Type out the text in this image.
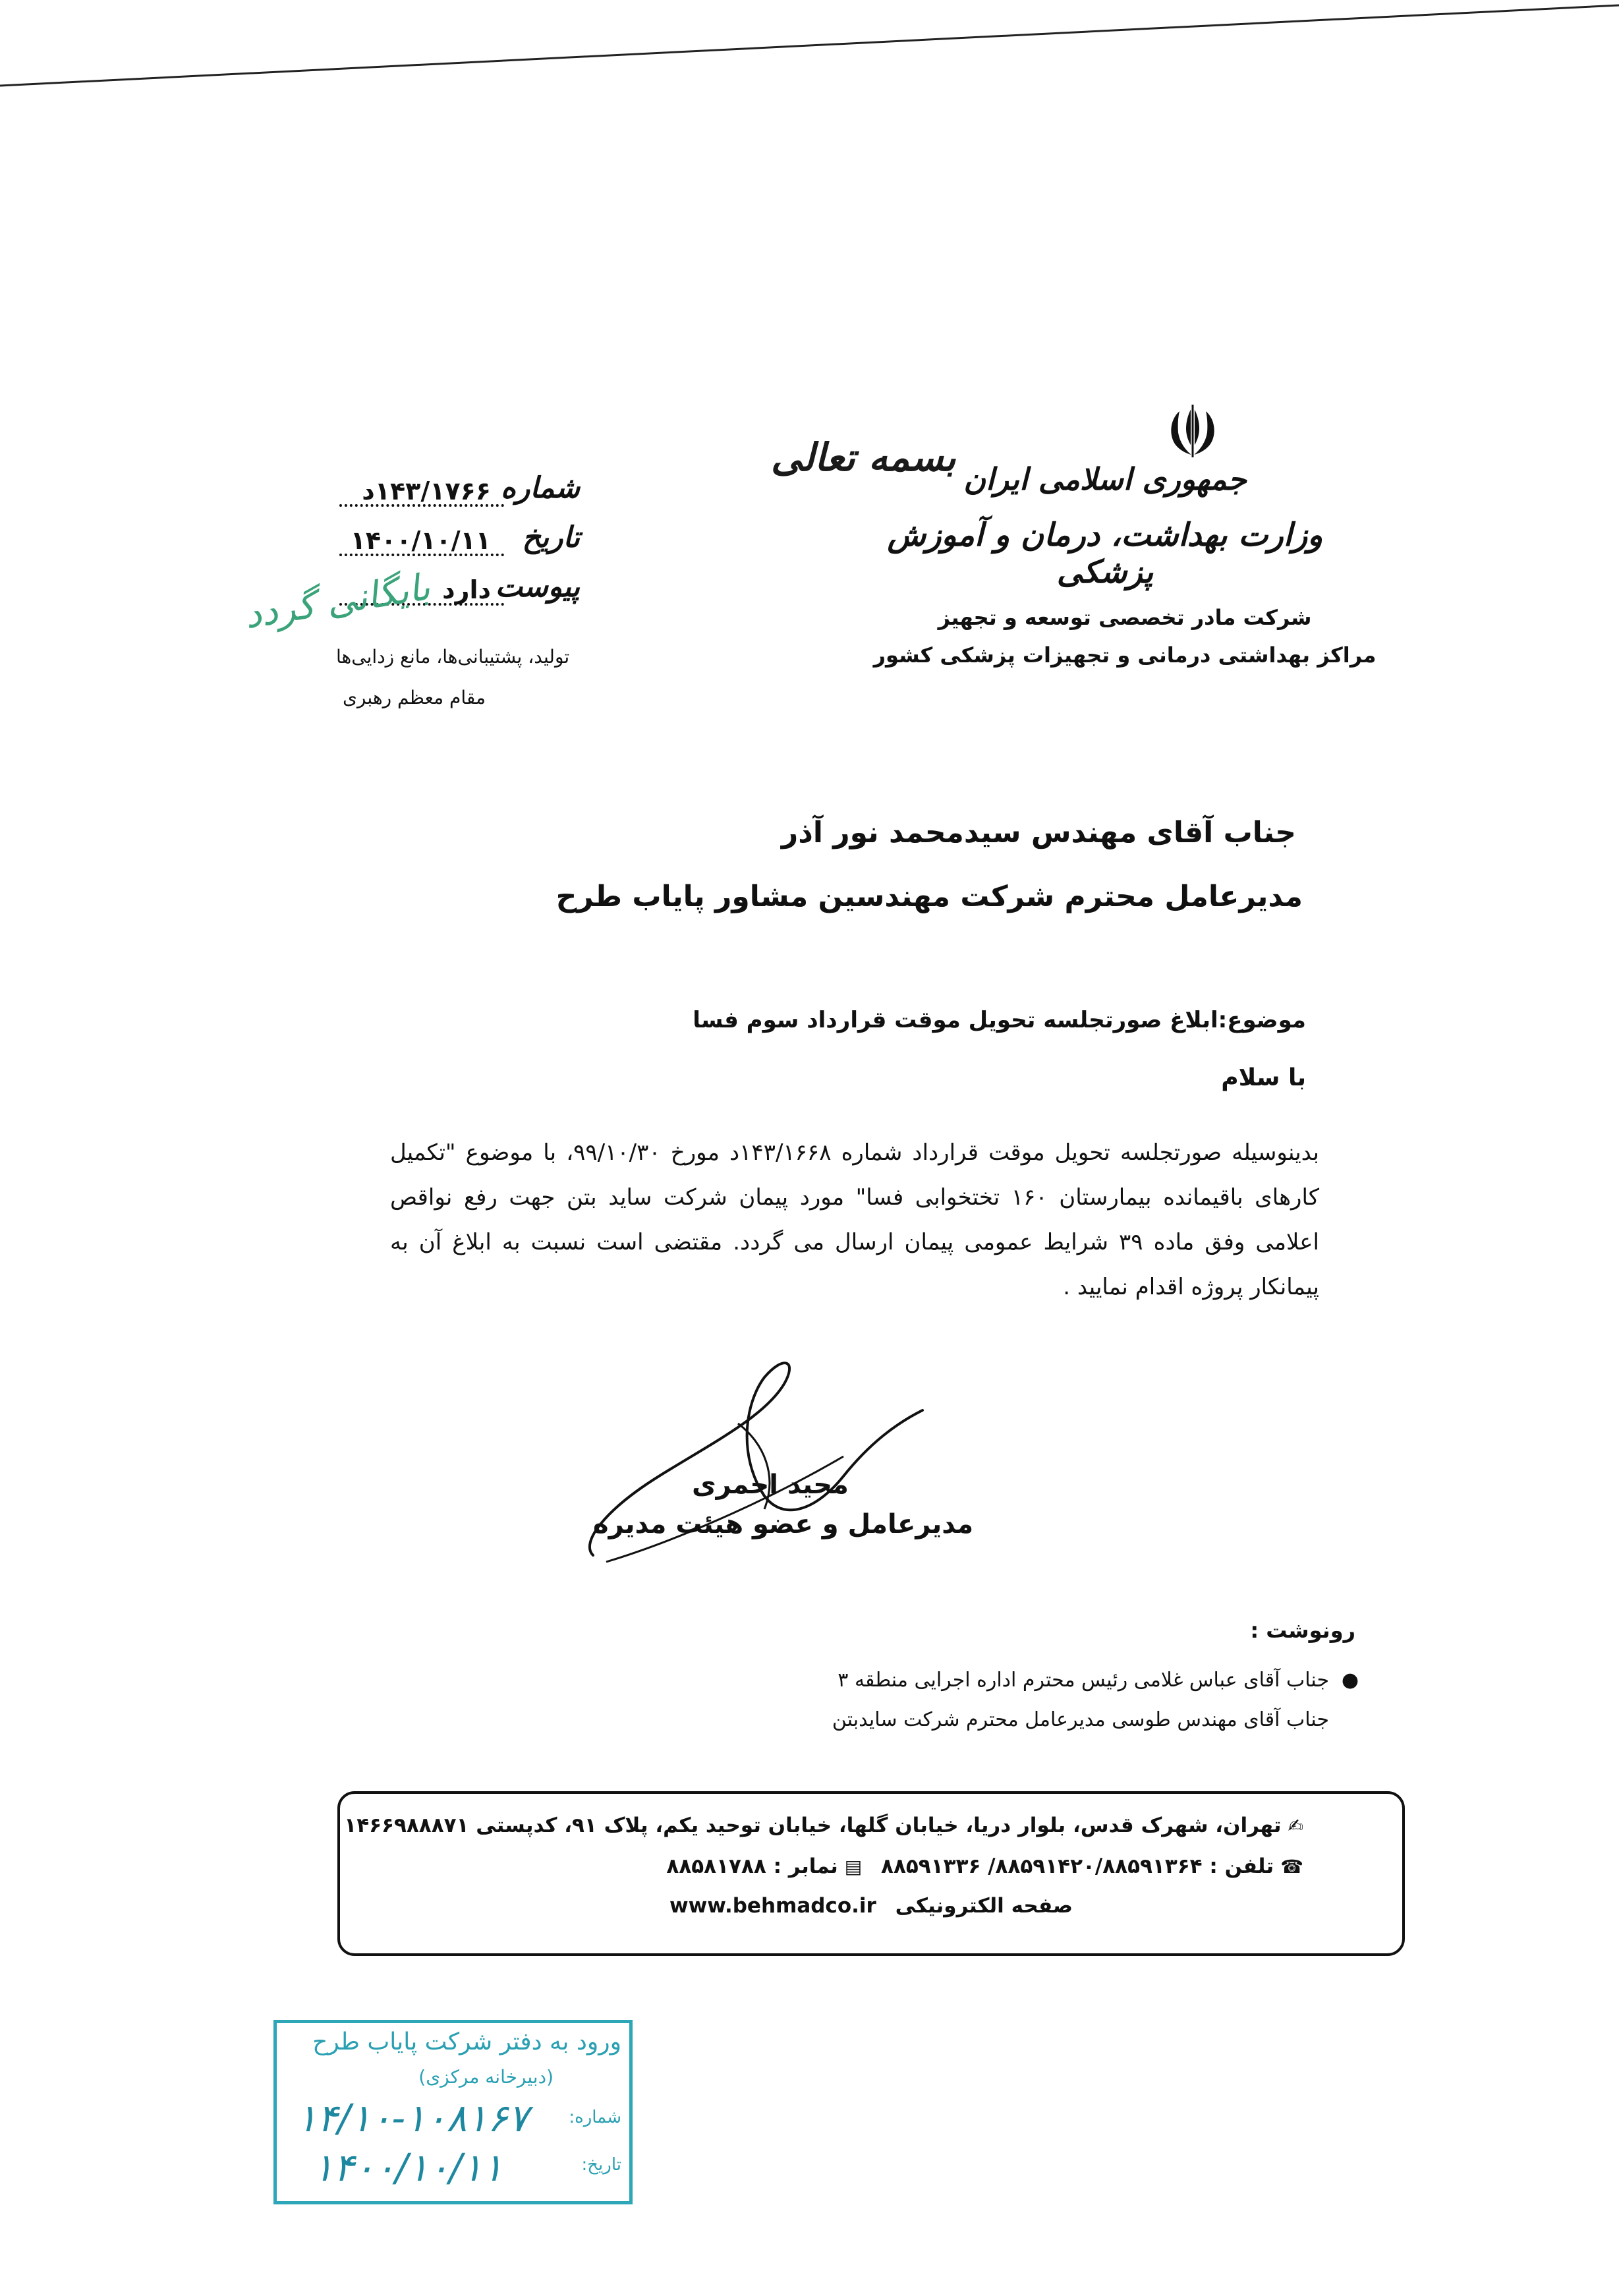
بسمه تعالی جمهوری اسلامی ایران
وزارت بهداشت، درمان و آموزش پزشکی
شرکت مادر تخصصی توسعه و تجهیز
مراکز بهداشتی درمانی و تجهیزات پزشکی کشور
شماره
۱۴۳/۱۷۶۶د
تاریخ
۱۴۰۰/۱۰/۱۱
پیوست
دارد
بایگانی گردد
تولید، پشتیبانی‌ها، مانع زدایی‌ها
مقام معظم رهبری
جناب آقای مهندس سیدمحمد نور آذر
مدیرعامل محترم شرکت مهندسین مشاور پایاب طرح
موضوع:ابلاغ صورتجلسه تحویل موقت قرارداد سوم فسا
با سلام
بدینوسیله صورتجلسه تحویل موقت قرارداد شماره ۱۴۳/۱۶۶۸د مورخ ۹۹/۱۰/۳۰، با موضوع "تکمیل کارهای باقیمانده بیمارستان ۱۶۰ تختخوابی فسا" مورد پیمان شرکت ساید بتن جهت رفع نواقص اعلامی وفق ماده ۳۹ شرایط عمومی پیمان ارسال می گردد. مقتضی است نسبت به ابلاغ آن به پیمانکار پروژه اقدام نمایید .
مجید احمری
مدیرعامل و عضو هیئت مدیره
رونوشت :
●
جناب آقای عباس غلامی رئیس محترم اداره اجرایی منطقه ۳
جناب آقای مهندس طوسی مدیرعامل محترم شرکت سایدبتن
✍تهران، شهرک قدس، بلوار دریا، خیابان گلها، خیابان توحید یکم، پلاک ۹۱، کدپستی ۱۴۶۶۹۸۸۸۷۱
☎تلفن : ۸۸۵۹۱۴۲۰/۸۸۵۹۱۳۶۴/ ۸۸۵۹۱۳۳۶ ▤نمابر : ۸۸۵۸۱۷۸۸
صفحه الکترونیکی www.behmadco.ir
ورود به دفتر شرکت پایاب طرح
(دبیرخانه مرکزی)
شماره:
تاریخ:
۱۴/۱۰-۱۰۸۱۶۷
۱۴۰۰/۱۰/۱۱
